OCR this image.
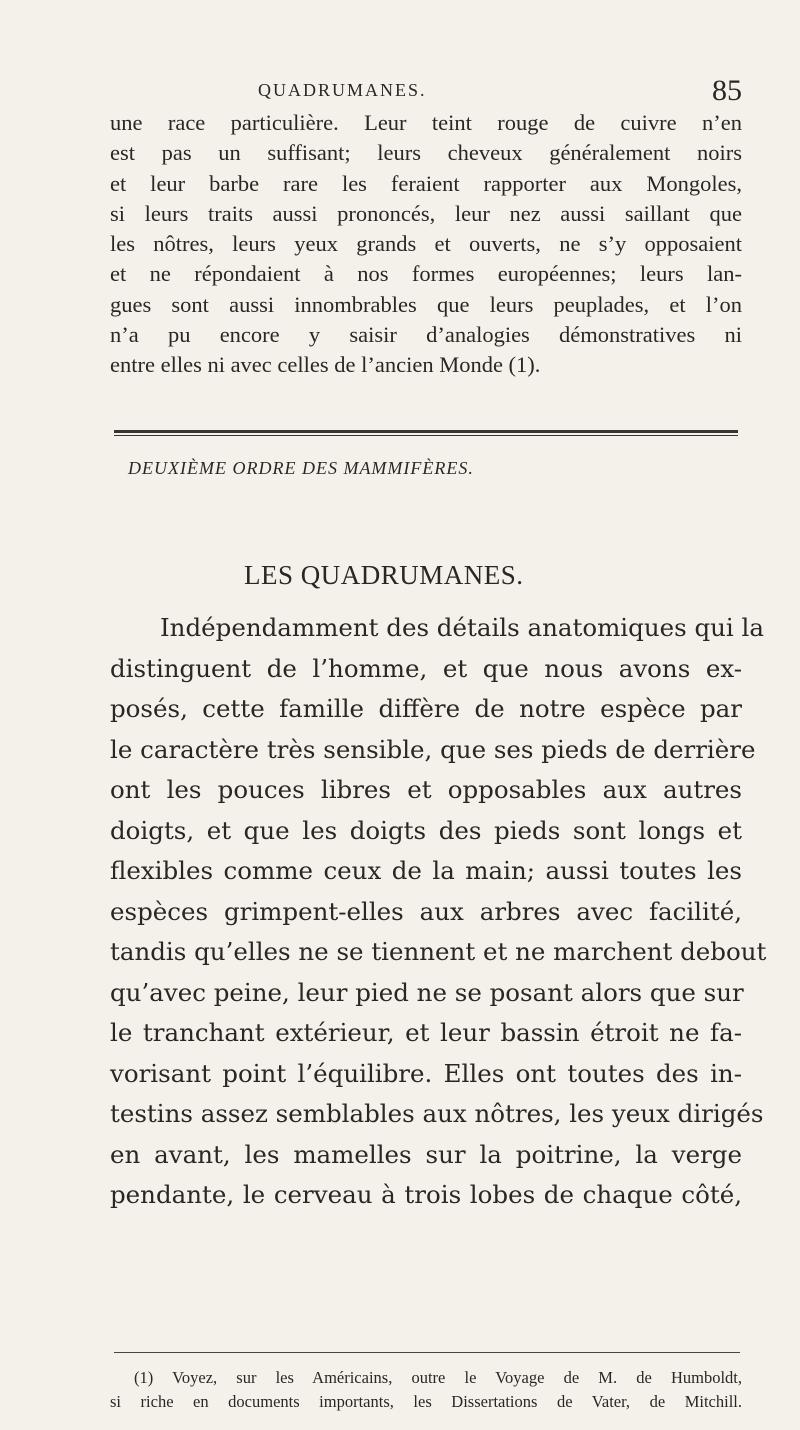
QUADRUMANES.	85
une race particulière. Leur teint rouge de cuivre n’en
est pas un suffisant; leurs cheveux généralement noirs
et leur barbe rare les feraient rapporter aux Mongoles,
si leurs traits aussi prononcés, leur nez aussi saillant que
les nôtres, leurs yeux grands et ouverts, ne s’y opposaient
et ne répondaient à nos formes européennes; leurs lan-
gues sont aussi innombrables que leurs peuplades, et l’on
n’a pu encore y saisir d’analogies démonstratives ni
entre elles ni avec celles de l’ancien Monde (1).
DEUXIÈME ORDRE DES MAMMIFÈRES.
LES QUADRUMANES.
Indépendamment des détails anatomiques qui la
distinguent de l’homme, et que nous avons ex-
posés, cette famille diffère de notre espèce par
le caractère très sensible, que ses pieds de derrière
ont les pouces libres et opposables aux autres
doigts, et que les doigts des pieds sont longs et
flexibles comme ceux de la main; aussi toutes les
espèces grimpent-elles aux arbres avec facilité,
tandis qu’elles ne se tiennent et ne marchent debout
qu’avec peine, leur pied ne se posant alors que sur
le tranchant extérieur, et leur bassin étroit ne fa-
vorisant point l’équilibre. Elles ont toutes des in-
testins assez semblables aux nôtres, les yeux dirigés
en avant, les mamelles sur la poitrine, la verge
pendante, le cerveau à trois lobes de chaque côté,
(1) Voyez, sur les Américains, outre le Voyage de M. de Humboldt,
si riche en documents importants, les Dissertations de Vater, de Mitchill.
